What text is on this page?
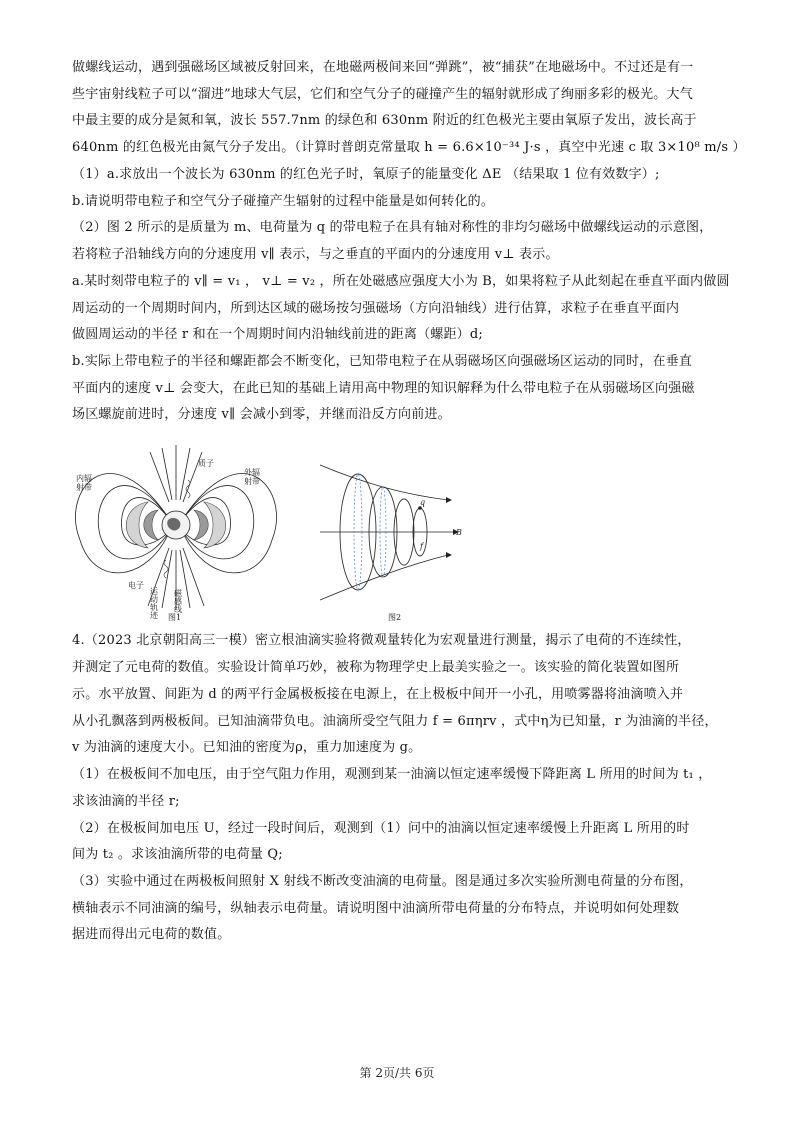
做螺线运动，遇到强磁场区域被反射回来，在地磁两极间来回“弹跳”，被“捕获”在地磁场中。不过还是有一
些宇宙射线粒子可以“溜进”地球大气层，它们和空气分子的碰撞产生的辐射就形成了绚丽多彩的极光。大气
中最主要的成分是氮和氧，波长 557.7nm 的绿色和 630nm 附近的红色极光主要由氧原子发出，波长高于
640nm 的红色极光由氮气分子发出。（计算时普朗克常量取 h = 6.6×10⁻³⁴ J·s ，真空中光速 c 取 3×10⁸ m/s ）
（1）a.求放出一个波长为 630nm 的红色光子时，氧原子的能量变化 ΔE （结果取 1 位有效数字）;
b.请说明带电粒子和空气分子碰撞产生辐射的过程中能量是如何转化的。
（2）图 2 所示的是质量为 m、电荷量为 q 的带电粒子在具有轴对称性的非均匀磁场中做螺线运动的示意图，
若将粒子沿轴线方向的分速度用 v∥ 表示，与之垂直的平面内的分速度用 v⊥ 表示。
a.某时刻带电粒子的 v∥ = v₁ ， v⊥ = v₂ ，所在处磁感应强度大小为 B，如果将粒子从此刻起在垂直平面内做圆
周运动的一个周期时间内，所到达区域的磁场按匀强磁场（方向沿轴线）进行估算，求粒子在垂直平面内
做圆周运动的半径 r 和在一个周期时间内沿轴线前进的距离（螺距）d;
b.实际上带电粒子的半径和螺距都会不断变化，已知带电粒子在从弱磁场区向强磁场区运动的同时，在垂直
平面内的速度 v⊥ 会变大，在此已知的基础上请用高中物理的知识解释为什么带电粒子在从弱磁场区向强磁
场区螺旋前进时，分速度 v∥ 会减小到零，并继而沿反方向前进。
内辐射带
外辐射带
质子
电子
运动轨迹
磁感线
图1
q
B
f
图2
4.（2023 北京朝阳高三一模）密立根油滴实验将微观量转化为宏观量进行测量，揭示了电荷的不连续性，
并测定了元电荷的数值。实验设计简单巧妙，被称为物理学史上最美实验之一。该实验的简化装置如图所
示。水平放置、间距为 d 的两平行金属极板接在电源上，在上极板中间开一小孔，用喷雾器将油滴喷入并
从小孔飘落到两极板间。已知油滴带负电。油滴所受空气阻力 f = 6πηrv ，式中η为已知量，r 为油滴的半径，
v 为油滴的速度大小。已知油的密度为ρ，重力加速度为 g。
（1）在极板间不加电压，由于空气阻力作用，观测到某一油滴以恒定速率缓慢下降距离 L 所用的时间为 t₁ ，
求该油滴的半径 r;
（2）在极板间加电压 U，经过一段时间后，观测到（1）问中的油滴以恒定速率缓慢上升距离 L 所用的时
间为 t₂ 。求该油滴所带的电荷量 Q;
（3）实验中通过在两极板间照射 X 射线不断改变油滴的电荷量。图是通过多次实验所测电荷量的分布图，
横轴表示不同油滴的编号，纵轴表示电荷量。请说明图中油滴所带电荷量的分布特点，并说明如何处理数
据进而得出元电荷的数值。
第 2页/共 6页
